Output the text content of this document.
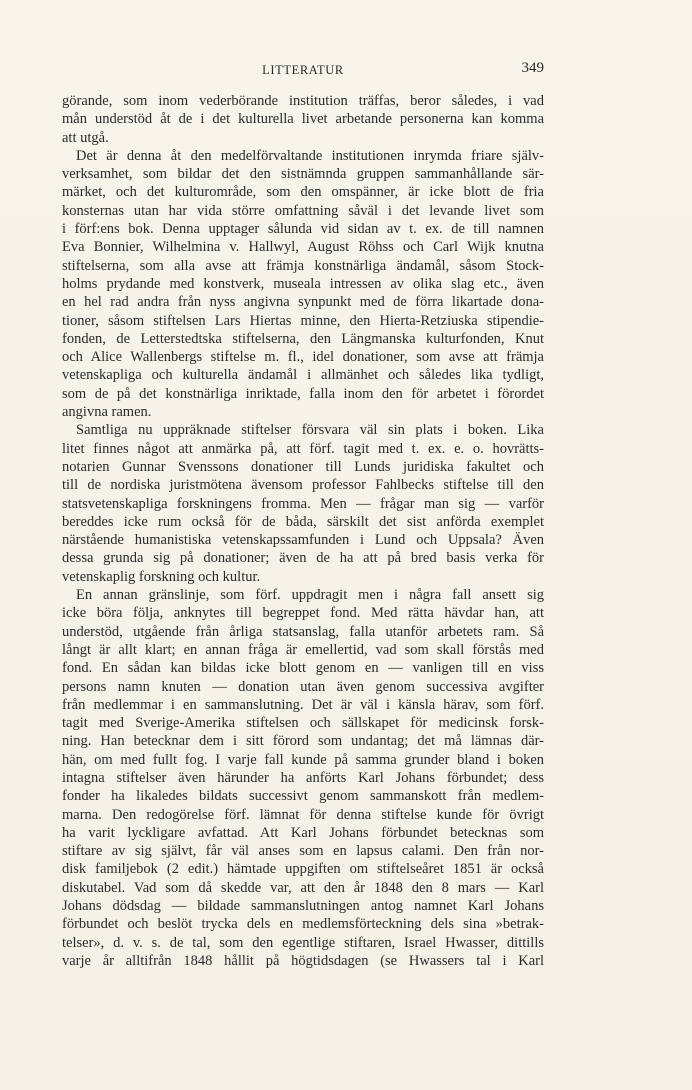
LITTERATUR	349
görande, som inom vederbörande institution träffas, beror således, i vad
mån understöd åt de i det kulturella livet arbetande personerna kan komma
att utgå.
Det är denna åt den medelförvaltande institutionen inrymda friare själv-
verksamhet, som bildar det den sistnämnda gruppen sammanhållande sär-
märket, och det kulturområde, som den omspänner, är icke blott de fria
konsternas utan har vida större omfattning såväl i det levande livet som
i förf:ens bok. Denna upptager sålunda vid sidan av t. ex. de till namnen
Eva Bonnier, Wilhelmina v. Hallwyl, August Röhss och Carl Wijk knutna
stiftelserna, som alla avse att främja konstnärliga ändamål, såsom Stock-
holms prydande med konstverk, museala intressen av olika slag etc., även
en hel rad andra från nyss angivna synpunkt med de förra likartade dona-
tioner, såsom stiftelsen Lars Hiertas minne, den Hierta-Retziuska stipendie-
fonden, de Letterstedtska stiftelserna, den Längmanska kulturfonden, Knut
och Alice Wallenbergs stiftelse m. fl., idel donationer, som avse att främja
vetenskapliga och kulturella ändamål i allmänhet och således lika tydligt,
som de på det konstnärliga inriktade, falla inom den för arbetet i förordet
angivna ramen.
Samtliga nu uppräknade stiftelser försvara väl sin plats i boken. Lika
litet finnes något att anmärka på, att förf. tagit med t. ex. e. o. hovrätts-
notarien Gunnar Svenssons donationer till Lunds juridiska fakultet och
till de nordiska juristmötena ävensom professor Fahlbecks stiftelse till den
statsvetenskapliga forskningens fromma. Men — frågar man sig — varför
bereddes icke rum också för de båda, särskilt det sist anförda exemplet
närstående humanistiska vetenskapssamfunden i Lund och Uppsala? Även
dessa grunda sig på donationer; även de ha att på bred basis verka för
vetenskaplig forskning och kultur.
En annan gränslinje, som förf. uppdragit men i några fall ansett sig
icke böra följa, anknytes till begreppet fond. Med rätta hävdar han, att
understöd, utgående från årliga statsanslag, falla utanför arbetets ram. Så
långt är allt klart; en annan fråga är emellertid, vad som skall förstås med
fond. En sådan kan bildas icke blott genom en — vanligen till en viss
persons namn knuten — donation utan även genom successiva avgifter
från medlemmar i en sammanslutning. Det är väl i känsla härav, som förf.
tagit med Sverige-Amerika stiftelsen och sällskapet för medicinsk forsk-
ning. Han betecknar dem i sitt förord som undantag; det må lämnas där-
hän, om med fullt fog. I varje fall kunde på samma grunder bland i boken
intagna stiftelser även härunder ha anförts Karl Johans förbundet; dess
fonder ha likaledes bildats successivt genom sammanskott från medlem-
marna. Den redogörelse förf. lämnat för denna stiftelse kunde för övrigt
ha varit lyckligare avfattad. Att Karl Johans förbundet betecknas som
stiftare av sig självt, får väl anses som en lapsus calami. Den från nor-
disk familjebok (2 edit.) hämtade uppgiften om stiftelseåret 1851 är också
diskutabel. Vad som då skedde var, att den år 1848 den 8 mars — Karl
Johans dödsdag — bildade sammanslutningen antog namnet Karl Johans
förbundet och beslöt trycka dels en medlemsförteckning dels sina »betrak-
telser», d. v. s. de tal, som den egentlige stiftaren, Israel Hwasser, dittills
varje år alltifrån 1848 hållit på högtidsdagen (se Hwassers tal i Karl
